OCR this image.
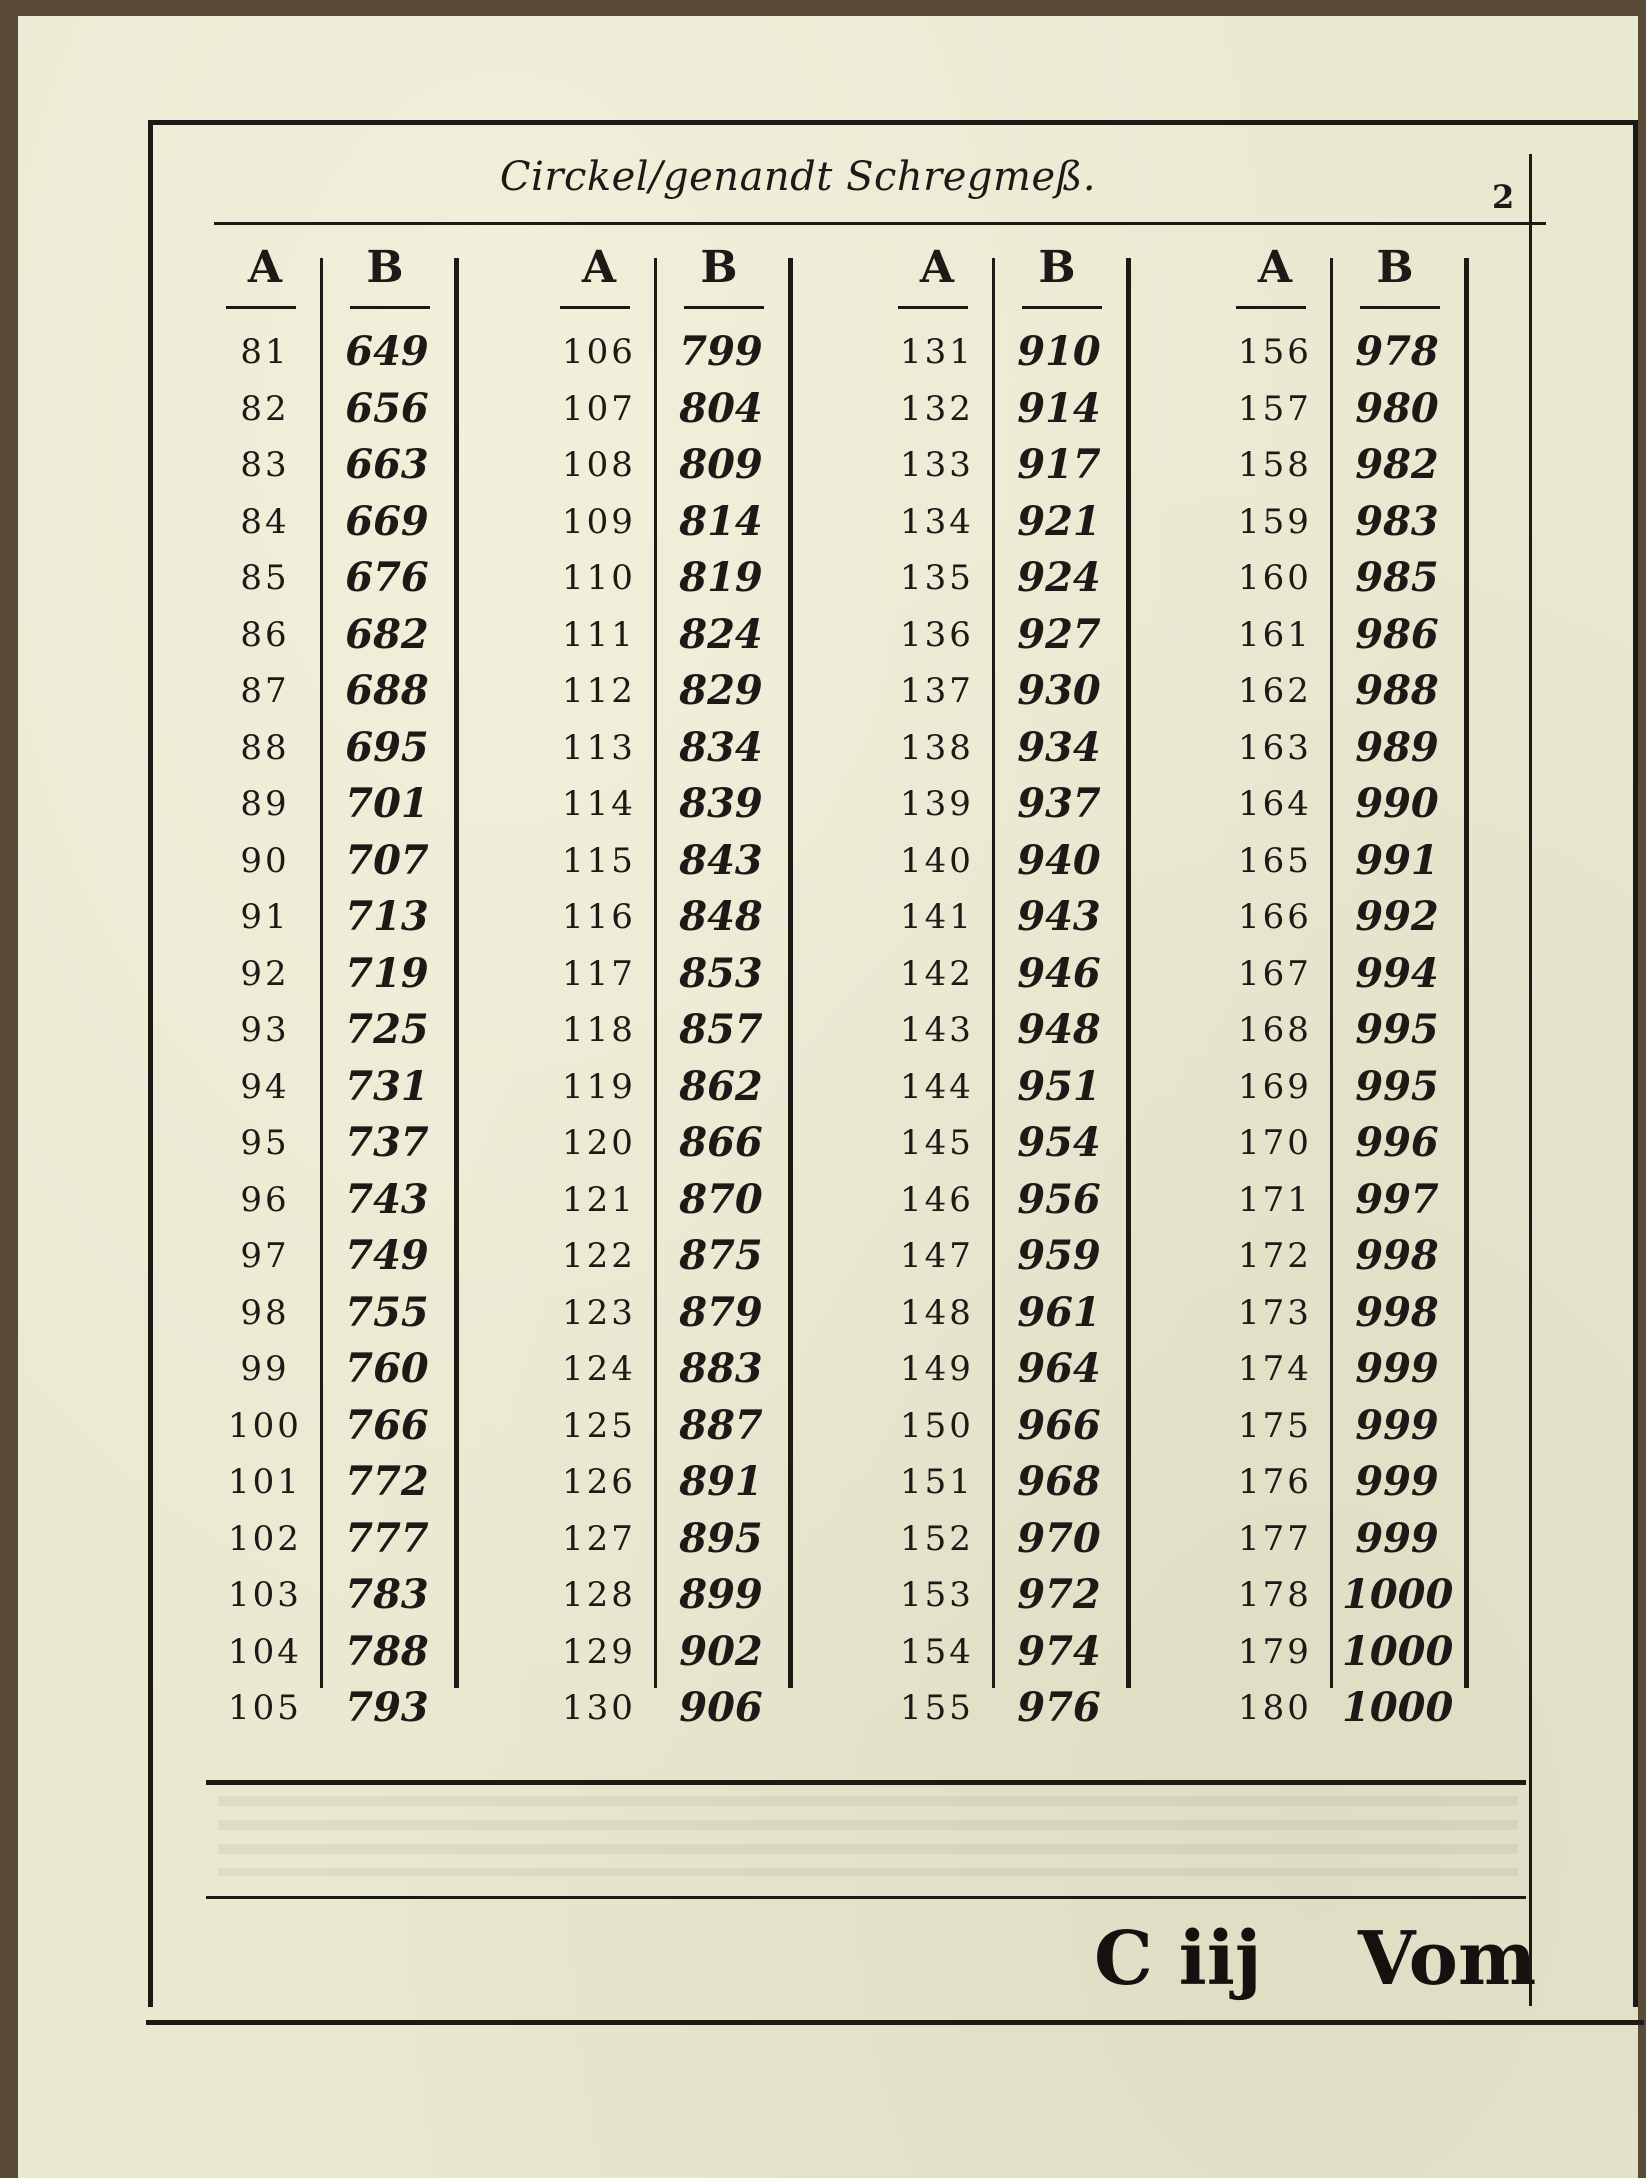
Circkel/genandt Schregmeß.	2
A	B
81	649
82	656
83	663
84	669
85	676
86	682
87	688
88	695
89	701
90	707
91	713
92	719
93	725
94	731
95	737
96	743
97	749
98	755
99	760
100	766
101	772
102	777
103	783
104	788
105	793
A	B
106	799
107	804
108	809
109	814
110	819
111	824
112	829
113	834
114	839
115	843
116	848
117	853
118	857
119	862
120	866
121	870
122	875
123	879
124	883
125	887
126	891
127	895
128	899
129	902
130	906
A	B
131	910
132	914
133	917
134	921
135	924
136	927
137	930
138	934
139	937
140	940
141	943
142	946
143	948
144	951
145	954
146	956
147	959
148	961
149	964
150	966
151	968
152	970
153	972
154	974
155	976
A	B
156	978
157	980
158	982
159	983
160	985
161	986
162	988
163	989
164	990
165	991
166	992
167	994
168	995
169	995
170	996
171	997
172	998
173	998
174	999
175	999
176	999
177	999
178 1000
179 1000
180 1000
C iij Vom
